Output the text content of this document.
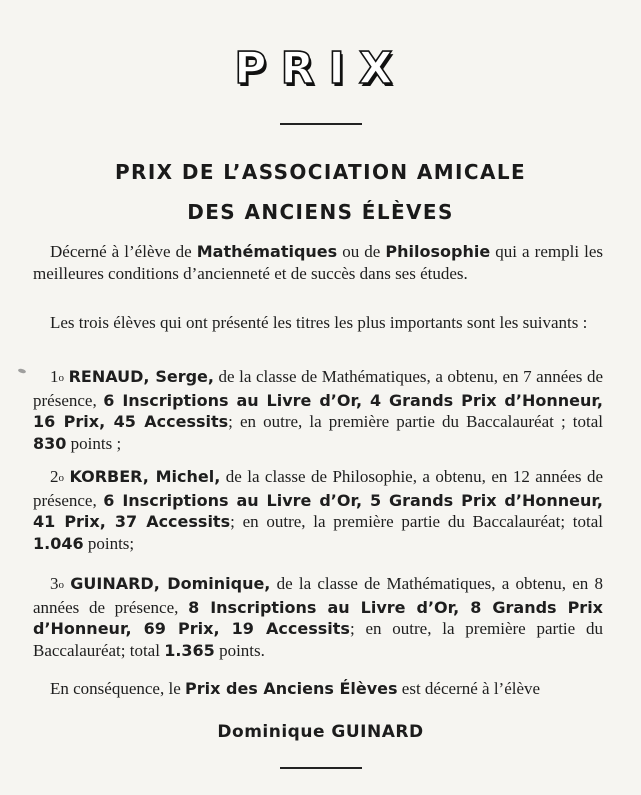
PRIX
PRIX DE L’ASSOCIATION AMICALE
DES ANCIENS ÉLÈVES

Décerné à l’élève de Mathématiques ou de Philosophie qui a rempli les meilleures conditions d’ancienneté et de succès dans ses études.

Les trois élèves qui ont présenté les titres les plus importants sont les suivants :

1o RENAUD, Serge, de la classe de Mathématiques, a obtenu, en 7 années de présence, 6 Inscriptions au Livre d’Or, 4 Grands Prix d’Honneur, 16 Prix, 45 Accessits; en outre, la première partie du Baccalauréat ; total 830 points ;

2o KORBER, Michel, de la classe de Philosophie, a obtenu, en 12 années de présence, 6 Inscriptions au Livre d’Or, 5 Grands Prix d’Honneur, 41 Prix, 37 Accessits; en outre, la première partie du Baccalauréat; total 1.046 points;

3o GUINARD, Dominique, de la classe de Mathématiques, a obtenu, en 8 années de présence, 8 Inscriptions au Livre d’Or, 8 Grands Prix d’Honneur, 69 Prix, 19 Accessits; en outre, la première partie du Baccalauréat; total 1.365 points.

En conséquence, le Prix des Anciens Élèves est décerné à l’élève

Dominique GUINARD
